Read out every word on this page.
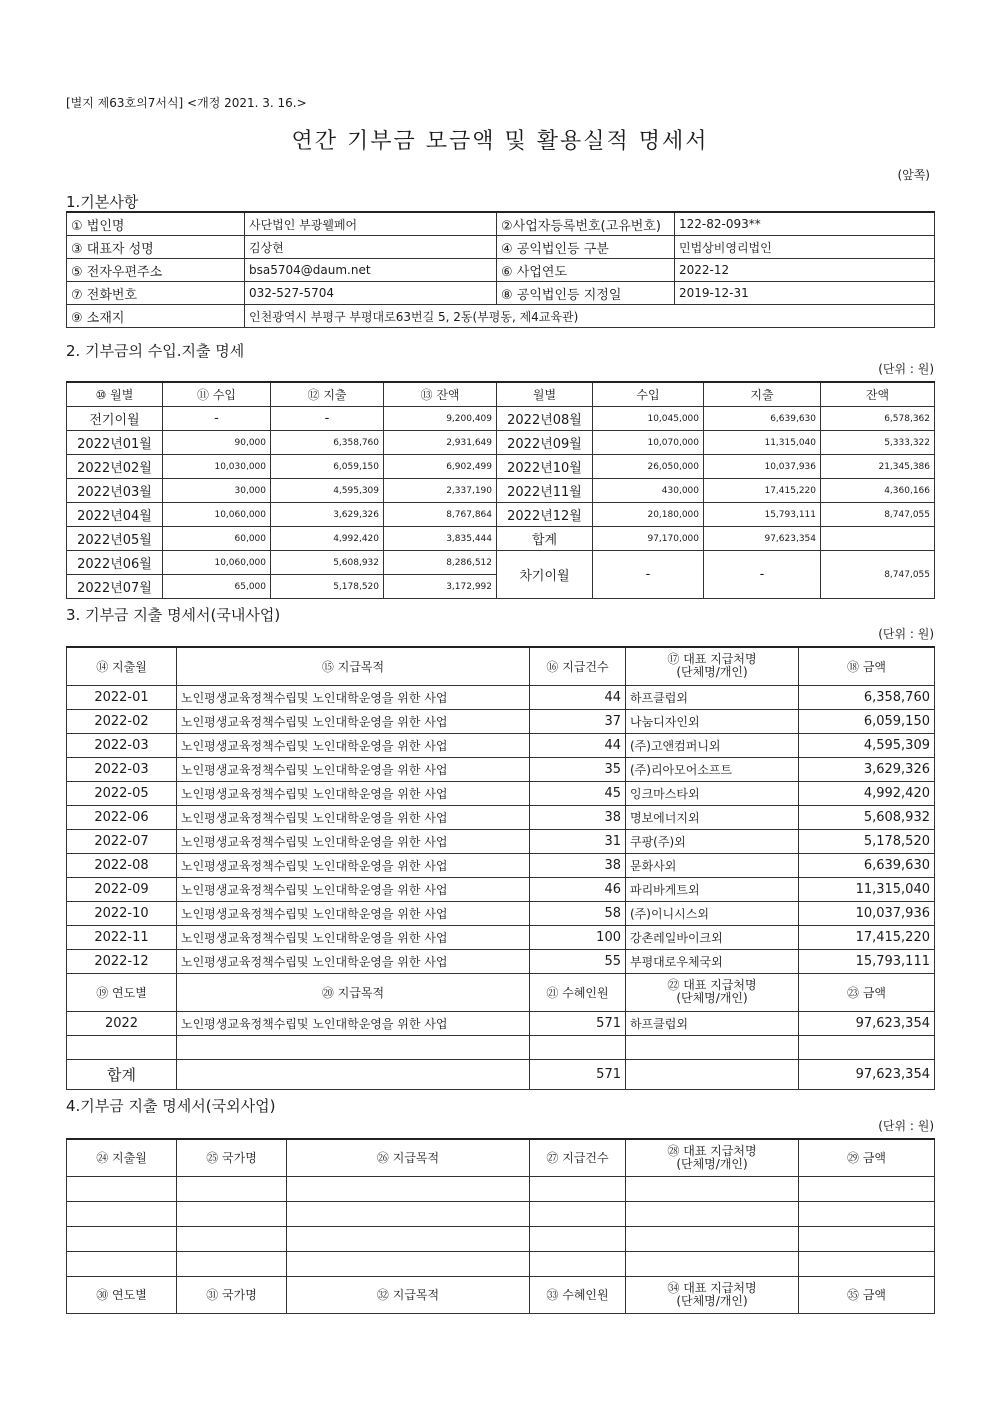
[별지 제63호의7서식] <개정 2021. 3. 16.>
연간 기부금 모금액 및 활용실적 명세서
(앞쪽)
1.기본사항
① 법인명	사단법인 부광웰페어	②사업자등록번호(고유번호)	122-82-093**
③ 대표자 성명	김상현	④ 공익법인등 구분	민법상비영리법인
⑤ 전자우편주소	bsa5704@daum.net	⑥ 사업연도	2022-12
⑦ 전화번호	032-527-5704	⑧ 공익법인등 지정일	2019-12-31
⑨ 소재지	인천광역시 부평구 부평대로63번길 5, 2동(부평동, 제4교육관)		
2. 기부금의 수입.지출 명세
(단위 : 원)
⑩ 월별	⑪ 수입	⑫ 지출	⑬ 잔액	월별	수입	지출	잔액
전기이월	-	-	9,200,409	2022년08월	10,045,000	6,639,630	6,578,362
2022년01월	90,000	6,358,760	2,931,649	2022년09월	10,070,000	11,315,040	5,333,322
2022년02월	10,030,000	6,059,150	6,902,499	2022년10월	26,050,000	10,037,936	21,345,386
2022년03월	30,000	4,595,309	2,337,190	2022년11월	430,000	17,415,220	4,360,166
2022년04월	10,060,000	3,629,326	8,767,864	2022년12월	20,180,000	15,793,111	8,747,055
2022년05월	60,000	4,992,420	3,835,444	합계	97,170,000	97,623,354	
2022년06월	10,060,000	5,608,932	8,286,512	차기이월	-	-	8,747,055
2022년07월	65,000	5,178,520	3,172,992				
3. 기부금 지출 명세서(국내사업)
(단위 : 원)
⑭ 지출월	⑮ 지급목적	⑯ 지급건수	⑰ 대표 지급처명
(단체명/개인)	⑱ 금액
2022-01	노인평생교육정책수립및 노인대학운영을 위한 사업	44	하프클럽외	6,358,760
2022-02	노인평생교육정책수립및 노인대학운영을 위한 사업	37	나눔디자인외	6,059,150
2022-03	노인평생교육정책수립및 노인대학운영을 위한 사업	44	(주)고앤컴퍼니외	4,595,309
2022-03	노인평생교육정책수립및 노인대학운영을 위한 사업	35	(주)리아모어소프트	3,629,326
2022-05	노인평생교육정책수립및 노인대학운영을 위한 사업	45	잉크마스타외	4,992,420
2022-06	노인평생교육정책수립및 노인대학운영을 위한 사업	38	명보에너지외	5,608,932
2022-07	노인평생교육정책수립및 노인대학운영을 위한 사업	31	쿠팡(주)외	5,178,520
2022-08	노인평생교육정책수립및 노인대학운영을 위한 사업	38	문화사외	6,639,630
2022-09	노인평생교육정책수립및 노인대학운영을 위한 사업	46	파리바게트외	11,315,040
2022-10	노인평생교육정책수립및 노인대학운영을 위한 사업	58	(주)이니시스외	10,037,936
2022-11	노인평생교육정책수립및 노인대학운영을 위한 사업	100	강촌레일바이크외	17,415,220
2022-12	노인평생교육정책수립및 노인대학운영을 위한 사업	55	부평대로우체국외	15,793,111
⑲ 연도별	⑳ 지급목적	㉑ 수혜인원	㉒ 대표 지급처명
(단체명/개인)	㉓ 금액
2022	노인평생교육정책수립및 노인대학운영을 위한 사업	571	하프클럽외	97,623,354

합계		571		97,623,354
4.기부금 지출 명세서(국외사업)
(단위 : 원)
㉔ 지출월	㉕ 국가명	㉖ 지급목적	㉗ 지급건수	㉘ 대표 지급처명
(단체명/개인)	㉙ 금액

㉚ 연도별	㉛ 국가명	㉜ 지급목적	㉝ 수혜인원	㉞ 대표 지급처명
(단체명/개인)	㉟ 금액
